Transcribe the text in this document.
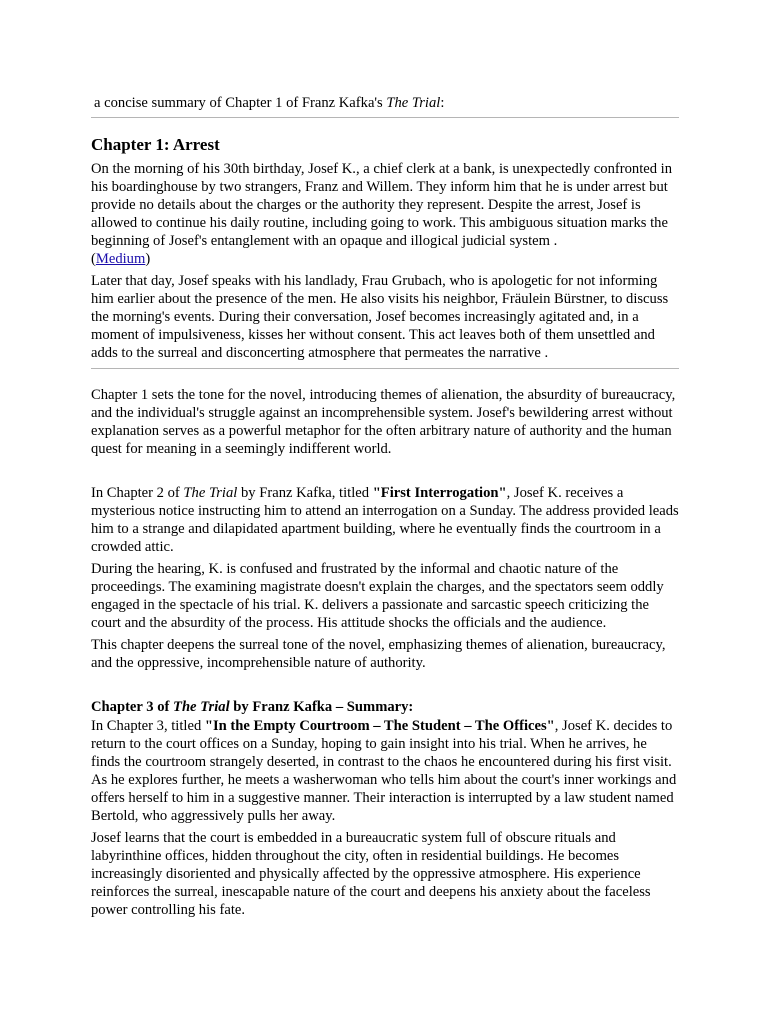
a concise summary of Chapter 1 of Franz Kafka's The Trial:

Chapter 1: Arrest

On the morning of his 30th birthday, Josef K., a chief clerk at a bank, is unexpectedly confronted in his boardinghouse by two strangers, Franz and Willem. They inform him that he is under arrest but provide no details about the charges or the authority they represent. Despite the arrest, Josef is allowed to continue his daily routine, including going to work. This ambiguous situation marks the beginning of Josef's entanglement with an opaque and illogical judicial system .
(Medium)

Later that day, Josef speaks with his landlady, Frau Grubach, who is apologetic for not informing him earlier about the presence of the men. He also visits his neighbor, Fräulein Bürstner, to discuss the morning's events. During their conversation, Josef becomes increasingly agitated and, in a moment of impulsiveness, kisses her without consent. This act leaves both of them unsettled and adds to the surreal and disconcerting atmosphere that permeates the narrative .

Chapter 1 sets the tone for the novel, introducing themes of alienation, the absurdity of bureaucracy, and the individual's struggle against an incomprehensible system. Josef's bewildering arrest without explanation serves as a powerful metaphor for the often arbitrary nature of authority and the human quest for meaning in a seemingly indifferent world.

In Chapter 2 of The Trial by Franz Kafka, titled "First Interrogation", Josef K. receives a mysterious notice instructing him to attend an interrogation on a Sunday. The address provided leads him to a strange and dilapidated apartment building, where he eventually finds the courtroom in a crowded attic.

During the hearing, K. is confused and frustrated by the informal and chaotic nature of the proceedings. The examining magistrate doesn't explain the charges, and the spectators seem oddly engaged in the spectacle of his trial. K. delivers a passionate and sarcastic speech criticizing the court and the absurdity of the process. His attitude shocks the officials and the audience.

This chapter deepens the surreal tone of the novel, emphasizing themes of alienation, bureaucracy, and the oppressive, incomprehensible nature of authority.

Chapter 3 of The Trial by Franz Kafka – Summary:

In Chapter 3, titled "In the Empty Courtroom – The Student – The Offices", Josef K. decides to return to the court offices on a Sunday, hoping to gain insight into his trial. When he arrives, he finds the courtroom strangely deserted, in contrast to the chaos he encountered during his first visit. As he explores further, he meets a washerwoman who tells him about the court's inner workings and offers herself to him in a suggestive manner. Their interaction is interrupted by a law student named Bertold, who aggressively pulls her away.

Josef learns that the court is embedded in a bureaucratic system full of obscure rituals and labyrinthine offices, hidden throughout the city, often in residential buildings. He becomes increasingly disoriented and physically affected by the oppressive atmosphere. His experience reinforces the surreal, inescapable nature of the court and deepens his anxiety about the faceless power controlling his fate.
